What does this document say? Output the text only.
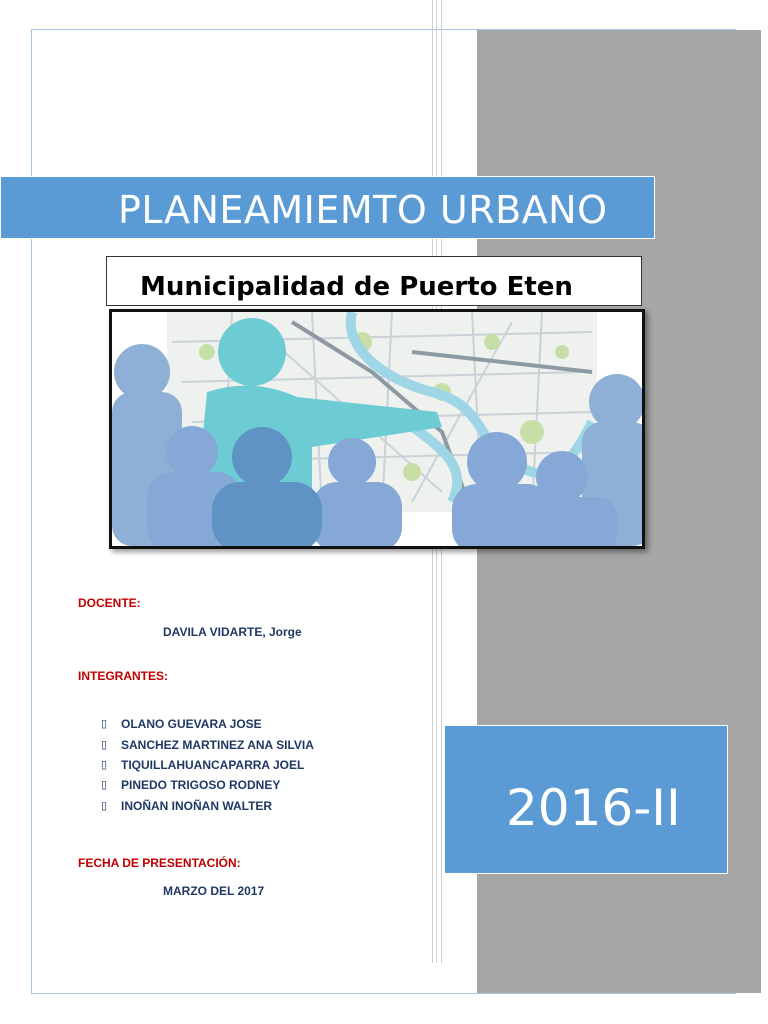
PLANEAMIEMTO URBANO
Municipalidad de Puerto Eten
DOCENTE:
DAVILA VIDARTE, Jorge
INTEGRANTES:
▯ OLANO GUEVARA JOSE
▯ SANCHEZ MARTINEZ ANA SILVIA
▯ TIQUILLAHUANCAPARRA JOEL
▯ PINEDO TRIGOSO RODNEY
▯ INOÑAN INOÑAN WALTER
FECHA DE PRESENTACIÓN:
MARZO DEL 2017
2016-II
